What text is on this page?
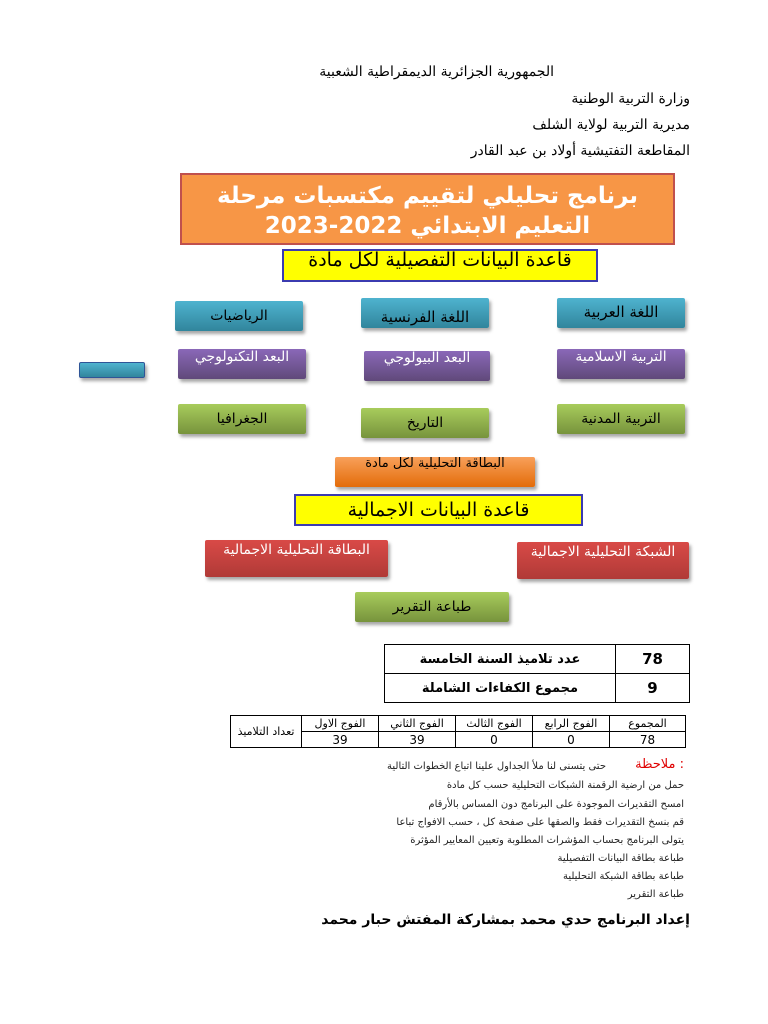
الجمهورية الجزائرية الديمقراطية الشعبية
وزارة التربية الوطنية
مديرية التربية لولاية الشلف
المقاطعة التفتيشية أولاد بن عبد القادر
برنامج تحليلي لتقييم مكتسبات مرحلة
التعليم الابتدائي 2022-2023
قاعدة البيانات التفصيلية لكل مادة
اللغة العربية
اللغة الفرنسية
الرياضيات
التربية الاسلامية
البعد البيولوجي
البعد التكنولوجي
التربية المدنية
التاريخ
الجغرافيا
البطاقة التحليلية لكل مادة
قاعدة البيانات الاجمالية
البطاقة التحليلية الاجمالية	الشبكة التحليلية الاجمالية
طباعة التقرير
عدد تلاميذ السنة الخامسة	78
مجموع الكفاءات الشاملة	9
تعداد التلاميذ	الفوج الاول	الفوج الثاني	الفوج الثالث	الفوج الرابع	المجموع
	39	39	0	0	78
: ملاحظة
حتى يتسنى لنا ملأ الجداول علينا اتباع الخطوات التالية
حمل من ارضية الرقمنة الشبكات التحليلية حسب كل مادة
امسح التقديرات الموجودة على البرنامج دون المساس بالأرقام
قم بنسخ التقديرات فقط والصقها على صفحة كل ، حسب الافواج تباعا
يتولى البرنامج بحساب المؤشرات المطلوبة وتعيين المعايير المؤثرة
طباعة بطاقة البيانات التفصيلية
طباعة بطاقة الشبكة التحليلية
طباعة التقرير
إعداد البرنامج حدي محمد بمشاركة المفتش حبار محمد
